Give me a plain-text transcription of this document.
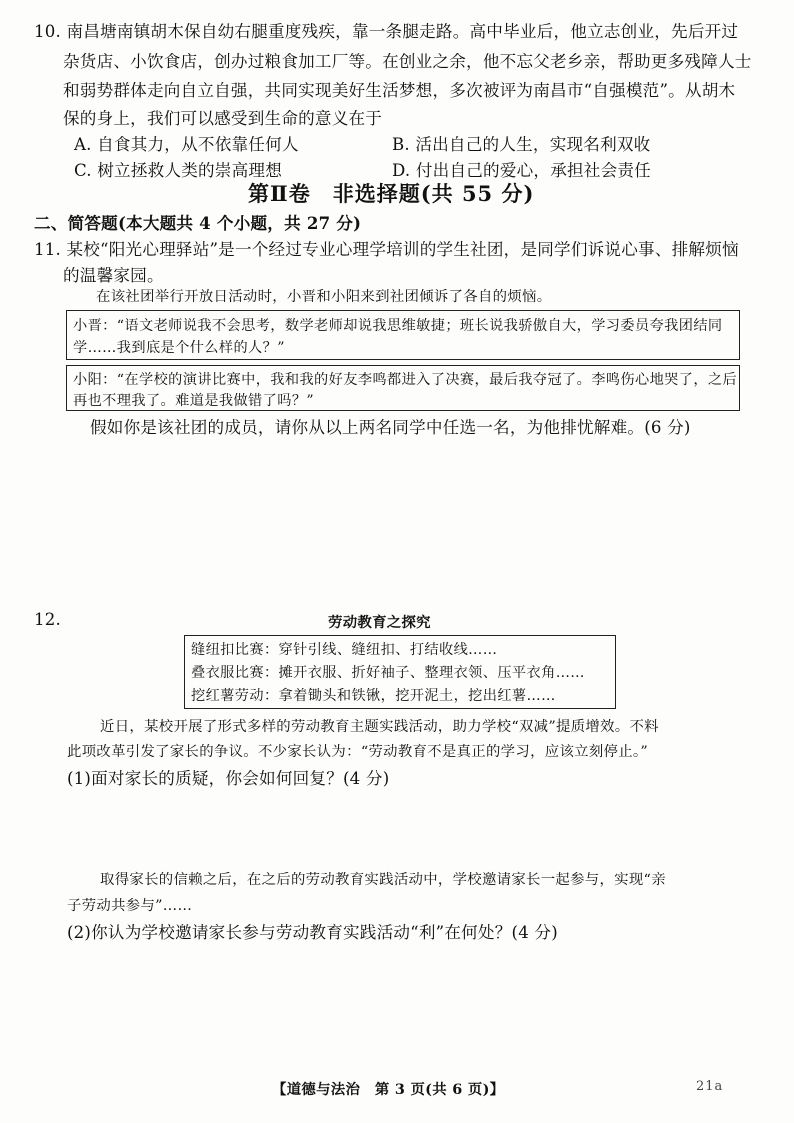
10. 南昌塘南镇胡木保自幼右腿重度残疾，靠一条腿走路。高中毕业后，他立志创业，先后开过
杂货店、小饮食店，创办过粮食加工厂等。在创业之余，他不忘父老乡亲，帮助更多残障人士
和弱势群体走向自立自强，共同实现美好生活梦想，多次被评为南昌市“自强模范”。从胡木
保的身上，我们可以感受到生命的意义在于
A. 自食其力，从不依靠任何人	B. 活出自己的人生，实现名利双收
C. 树立拯救人类的崇高理想	D. 付出自己的爱心，承担社会责任
第Ⅱ卷　非选择题(共 55 分)
二、简答题(本大题共 4 个小题，共 27 分)
11. 某校“阳光心理驿站”是一个经过专业心理学培训的学生社团，是同学们诉说心事、排解烦恼
的温馨家园。
在该社团举行开放日活动时，小晋和小阳来到社团倾诉了各自的烦恼。
小晋：“语文老师说我不会思考，数学老师却说我思维敏捷；班长说我骄傲自大，学习委员夸我团结同
学……我到底是个什么样的人？”
小阳：“在学校的演讲比赛中，我和我的好友李鸣都进入了决赛，最后我夺冠了。李鸣伤心地哭了，之后
再也不理我了。难道是我做错了吗？”
假如你是该社团的成员，请你从以上两名同学中任选一名，为他排忧解难。(6 分)
12.	劳动教育之探究
缝纽扣比赛：穿针引线、缝纽扣、打结收线……
叠衣服比赛：摊开衣服、折好袖子、整理衣领、压平衣角……
挖红薯劳动：拿着锄头和铁锹，挖开泥土，挖出红薯……
近日，某校开展了形式多样的劳动教育主题实践活动，助力学校“双减”提质增效。不料
此项改革引发了家长的争议。不少家长认为：“劳动教育不是真正的学习，应该立刻停止。”
(1)面对家长的质疑，你会如何回复？(4 分)
取得家长的信赖之后，在之后的劳动教育实践活动中，学校邀请家长一起参与，实现“亲
子劳动共参与”……
(2)你认为学校邀请家长参与劳动教育实践活动“利”在何处？(4 分)
【道德与法治　第 3 页(共 6 页)】	21a
